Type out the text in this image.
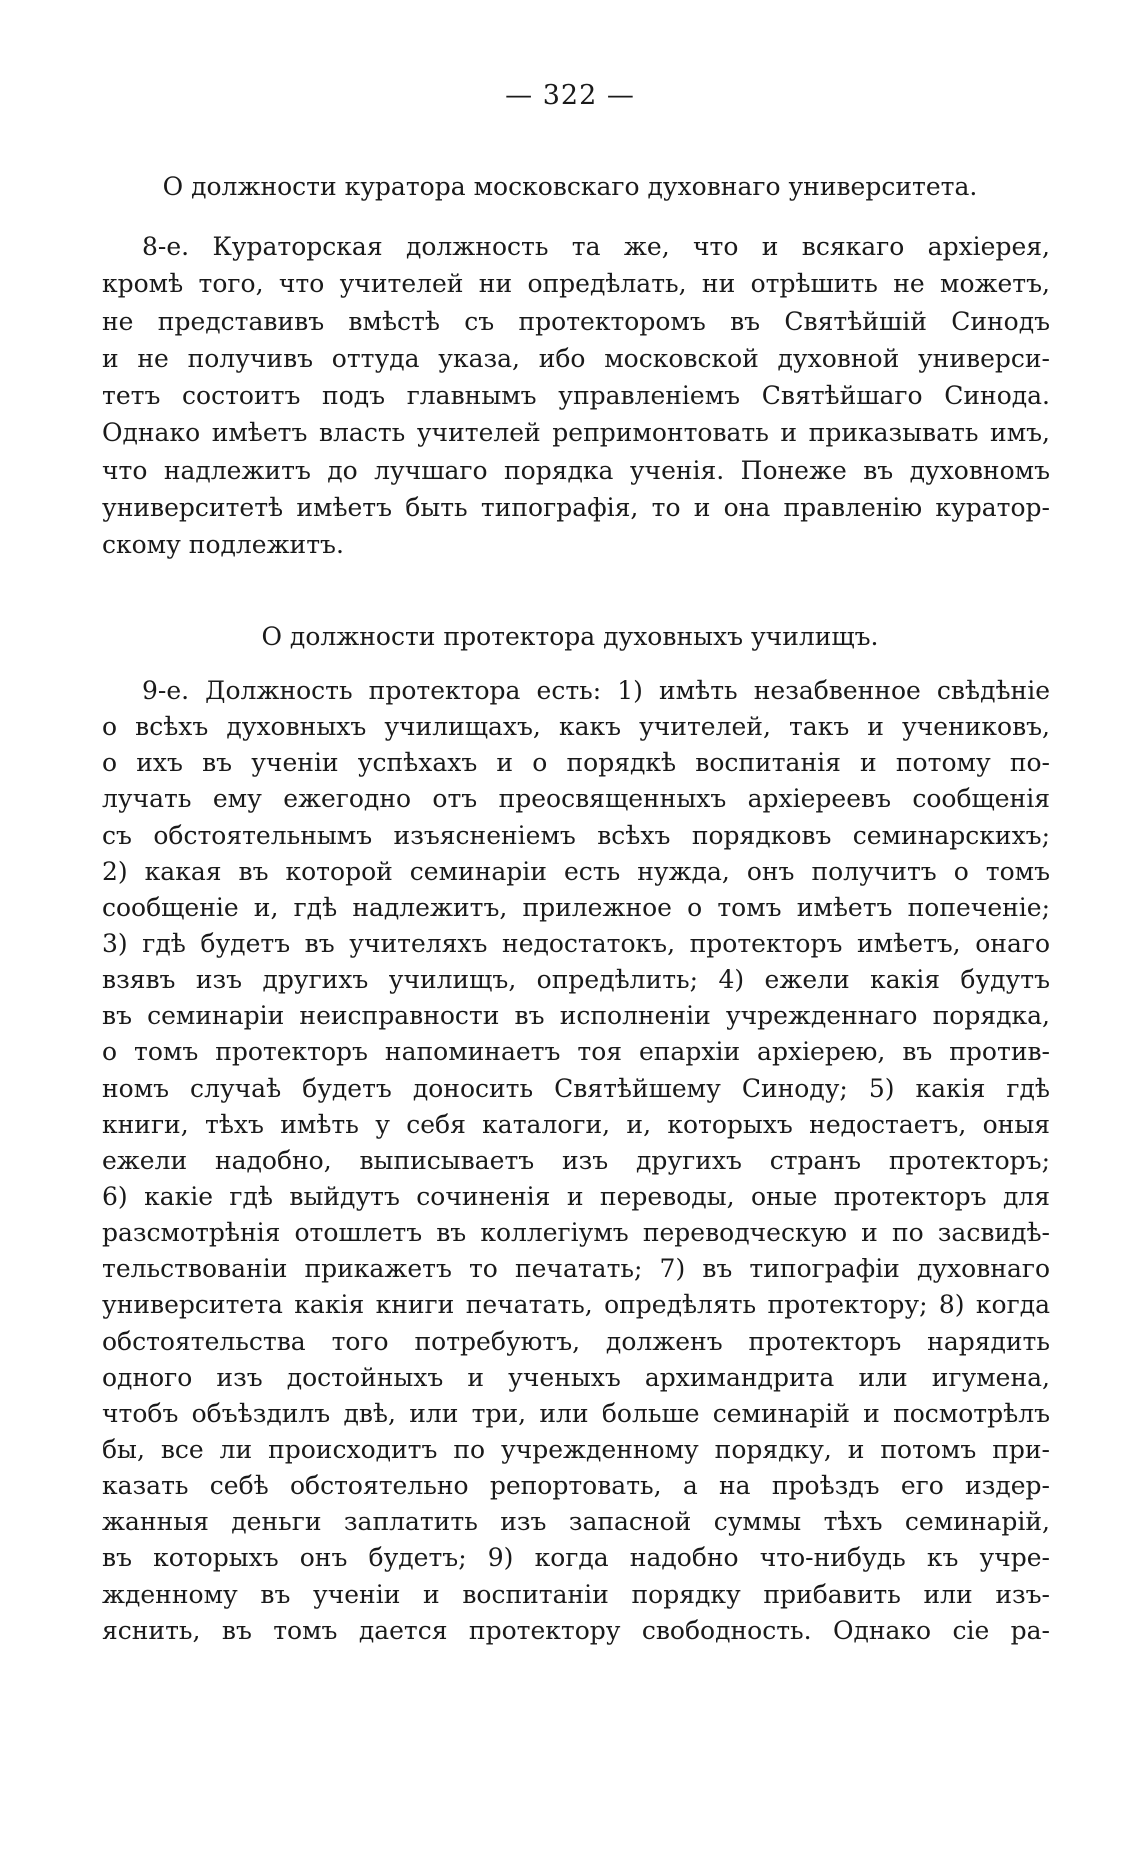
— 322 —
О должности куратора московскаго духовнаго университета.
8-е. Кураторская должность та же, что и всякаго архіерея,
кромѣ того, что учителей ни опредѣлать, ни отрѣшить не можетъ,
не представивъ вмѣстѣ съ протекторомъ въ Святѣйшій Синодъ
и не получивъ оттуда указа, ибо московской духовной универси-
тетъ состоитъ подъ главнымъ управленіемъ Святѣйшаго Синода.
Однако имѣетъ власть учителей репримонтовать и приказывать имъ,
что надлежитъ до лучшаго порядка ученія. Понеже въ духовномъ
университетѣ имѣетъ быть типографія, то и она правленію куратор-
скому подлежитъ.
О должности протектора духовныхъ училищъ.
9-е. Должность протектора есть: 1) имѣть незабвенное свѣдѣніе
о всѣхъ духовныхъ училищахъ, какъ учителей, такъ и учениковъ,
о ихъ въ ученіи успѣхахъ и о порядкѣ воспитанія и потому по-
лучать ему ежегодно отъ преосвященныхъ архіереевъ сообщенія
съ обстоятельнымъ изъясненіемъ всѣхъ порядковъ семинарскихъ;
2) какая въ которой семинаріи есть нужда, онъ получитъ о томъ
сообщеніе и, гдѣ надлежитъ, прилежное о томъ имѣетъ попеченіе;
3) гдѣ будетъ въ учителяхъ недостатокъ, протекторъ имѣетъ, онаго
взявъ изъ другихъ училищъ, опредѣлить; 4) ежели какія будутъ
въ семинаріи неисправности въ исполненіи учрежденнаго порядка,
о томъ протекторъ напоминаетъ тоя епархіи архіерею, въ против-
номъ случаѣ будетъ доносить Святѣйшему Синоду; 5) какія гдѣ
книги, тѣхъ имѣть у себя каталоги, и, которыхъ недостаетъ, оныя
ежели надобно, выписываетъ изъ другихъ странъ протекторъ;
6) какіе гдѣ выйдутъ сочиненія и переводы, оные протекторъ для
разсмотрѣнія отошлетъ въ коллегіумъ переводческую и по засвидѣ-
тельствованіи прикажетъ то печатать; 7) въ типографіи духовнаго
университета какія книги печатать, опредѣлять протектору; 8) когда
обстоятельства того потребуютъ, долженъ протекторъ нарядить
одного изъ достойныхъ и ученыхъ архимандрита или игумена,
чтобъ объѣздилъ двѣ, или три, или больше семинарій и посмотрѣлъ
бы, все ли происходитъ по учрежденному порядку, и потомъ при-
казать себѣ обстоятельно репортовать, а на проѣздъ его издер-
жанныя деньги заплатить изъ запасной суммы тѣхъ семинарій,
въ которыхъ онъ будетъ; 9) когда надобно что-нибудь къ учре-
жденному въ ученіи и воспитаніи порядку прибавить или изъ-
яснить, въ томъ дается протектору свободность. Однако сіе ра-
